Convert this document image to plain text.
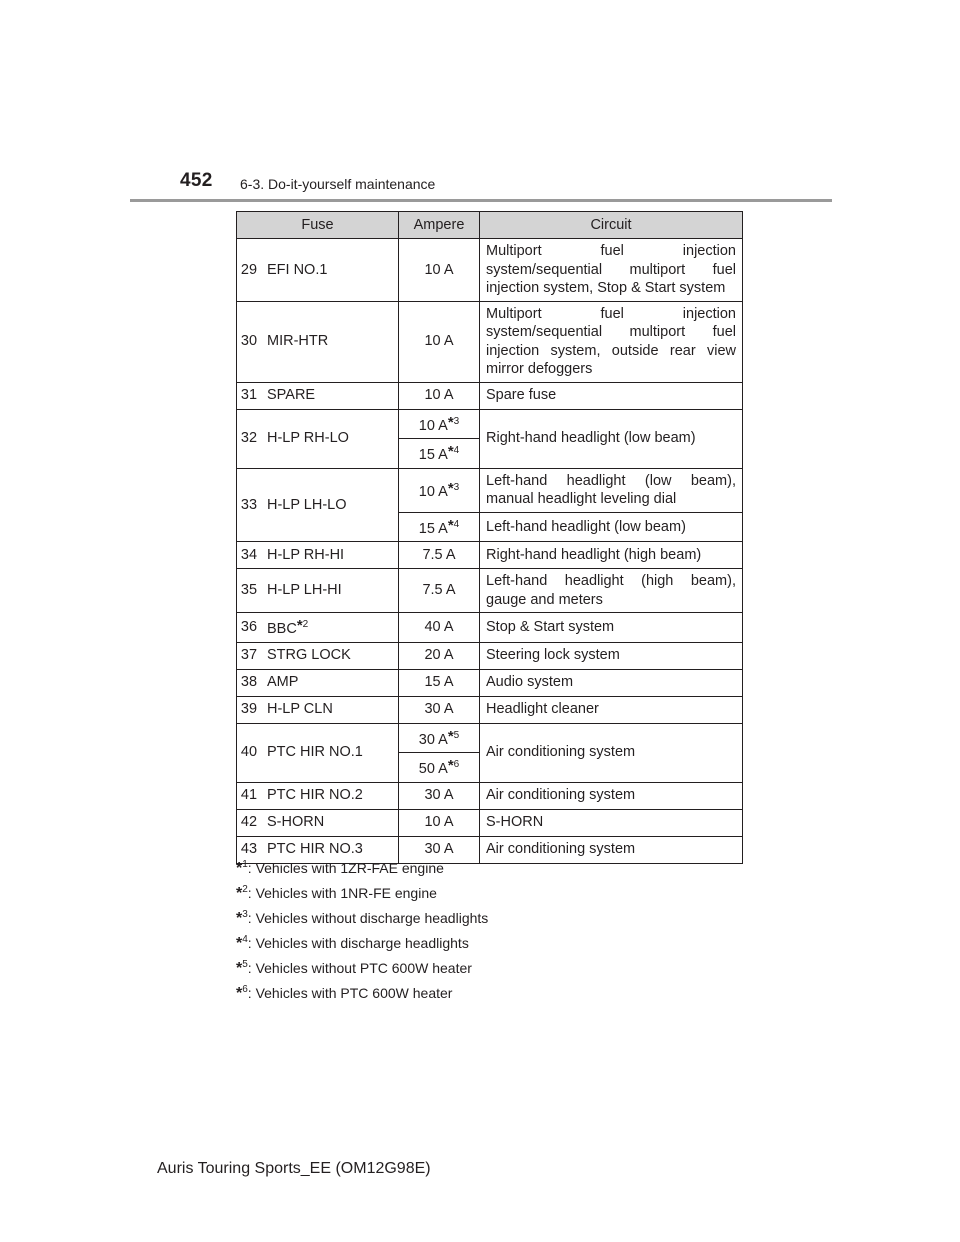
452 6-3. Do-it-yourself maintenance
Fuse		Ampere	Circuit
29	EFI NO.1	10 A	Multiport fuel injection system/sequential multiport fuel injection system, Stop & Start system
30	MIR-HTR	10 A	Multiport fuel injection system/sequential multiport fuel injection system, outside rear view mirror defoggers
31	SPARE	10 A	Spare fuse
32	H-LP RH-LO	10 $A^{*3}$	Right-hand headlight (low beam)
		15 $A^{*4}$
33	H-LP LH-LO	10 $A^{*3}$	Left-hand headlight (low beam), manual headlight leveling dial
		15 $A^{*4}$	Left-hand headlight (low beam)
34	H-LP RH-HI	7.5 A	Right-hand headlight (high beam)
35	H-LP LH-HI	7.5 A	Left-hand headlight (high beam), gauge and meters
36	BBC$^{*2}$	40 A	Stop & Start system
37	STRG LOCK	20 A	Steering lock system
38	AMP	15 A	Audio system
39	H-LP CLN	30 A	Headlight cleaner
40	PTC HIR NO.1	30 $A^{*5}$	Air conditioning system
		50 $A^{*6}$
41	PTC HIR NO.2	30 A	Air conditioning system
42	S-HORN	10 A	S-HORN
43	PTC HIR NO.3	30 A	Air conditioning system
*$^1$: Vehicles with 1ZR-FAE engine
*$^2$: Vehicles with 1NR-FE engine
*$^3$: Vehicles without discharge headlights
*$^4$: Vehicles with discharge headlights
*$^5$: Vehicles without PTC 600W heater
*$^6$: Vehicles with PTC 600W heater
Auris Touring Sports_EE (OM12G98E)
